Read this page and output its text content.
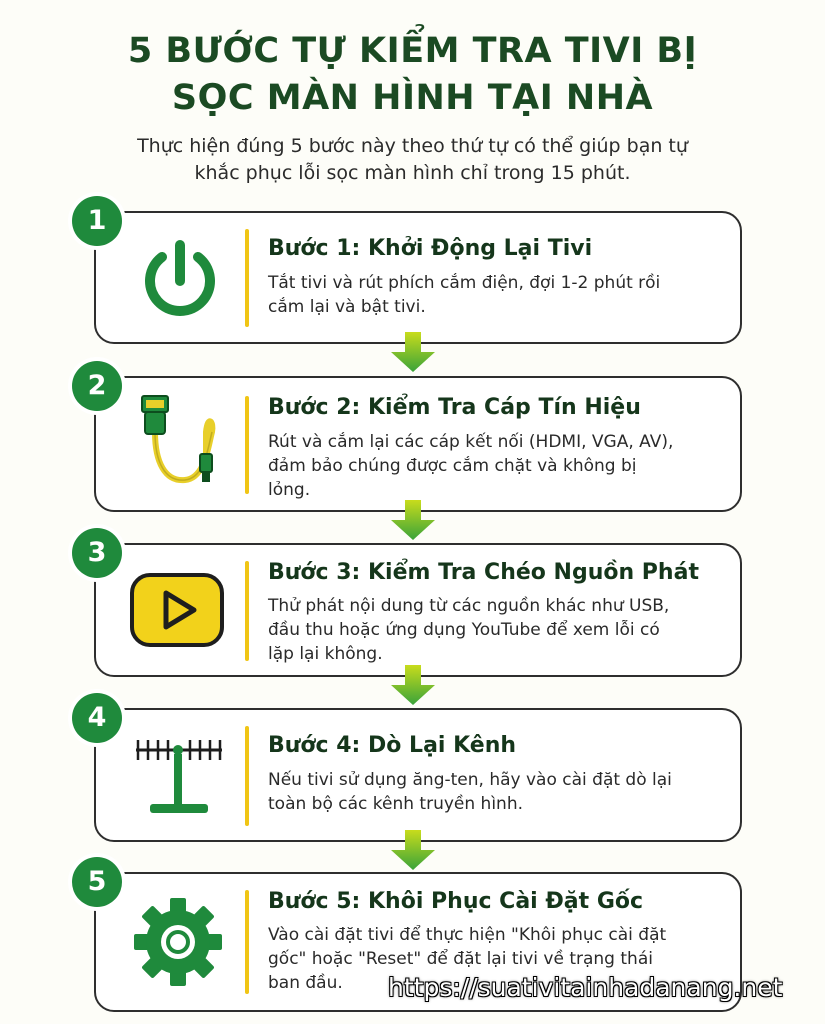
5 BƯỚC TỰ KIỂM TRA TIVI BỊ
SỌC MÀN HÌNH TẠI NHÀ
Thực hiện đúng 5 bước này theo thứ tự có thể giúp bạn tự
khắc phục lỗi sọc màn hình chỉ trong 15 phút.
1
Bước 1: Khởi Động Lại Tivi
Tắt tivi và rút phích cắm điện, đợi 1-2 phút rồi
cắm lại và bật tivi.
2
Bước 2: Kiểm Tra Cáp Tín Hiệu
Rút và cắm lại các cáp kết nối (HDMI, VGA, AV),
đảm bảo chúng được cắm chặt và không bị
lỏng.
3
Bước 3: Kiểm Tra Chéo Nguồn Phát
Thử phát nội dung từ các nguồn khác như USB,
đầu thu hoặc ứng dụng YouTube để xem lỗi có
lặp lại không.
4
Bước 4: Dò Lại Kênh
Nếu tivi sử dụng ăng-ten, hãy vào cài đặt dò lại
toàn bộ các kênh truyền hình.
5
Bước 5: Khôi Phục Cài Đặt Gốc
Vào cài đặt tivi để thực hiện "Khôi phục cài đặt
gốc" hoặc "Reset" để đặt lại tivi về trạng thái
ban đầu.	https://suativitainhadanang.net
